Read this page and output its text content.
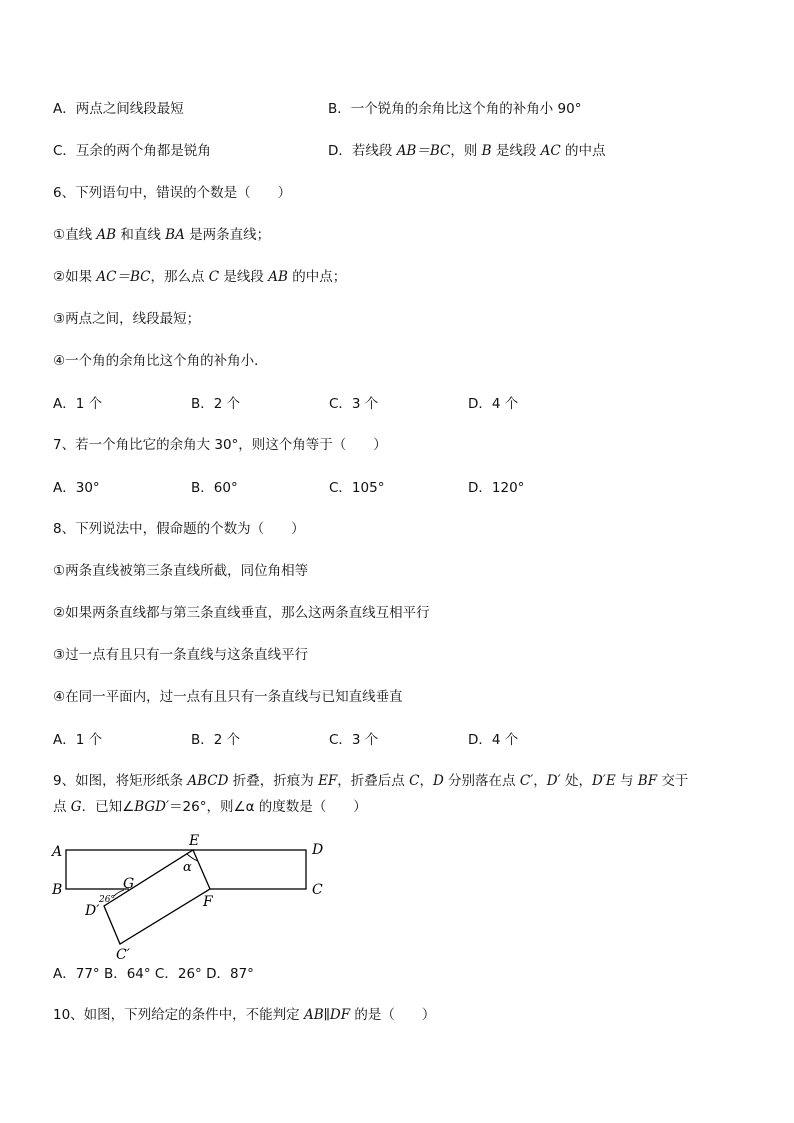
A．两点之间线段最短	B．一个锐角的余角比这个角的补角小 90°
C．互余的两个角都是锐角	D．若线段 AB＝BC，则 B 是线段 AC 的中点
6、下列语句中，错误的个数是（　　）
①直线 AB 和直线 BA 是两条直线；
②如果 AC＝BC，那么点 C 是线段 AB 的中点；
③两点之间，线段最短；
④一个角的余角比这个角的补角小．
A．1 个	B．2 个	C．3 个	D．4 个
7、若一个角比它的余角大 30°，则这个角等于（　　）
A．30°	B．60°	C．105°	D．120°
8、下列说法中，假命题的个数为（　　）
①两条直线被第三条直线所截，同位角相等
②如果两条直线都与第三条直线垂直，那么这两条直线互相平行
③过一点有且只有一条直线与这条直线平行
④在同一平面内，过一点有且只有一条直线与已知直线垂直
A．1 个	B．2 个	C．3 个	D．4 个
9、如图，将矩形纸条 ABCD 折叠，折痕为 EF，折叠后点 C，D 分别落在点 C′，D′ 处，D′E 与 BF 交于
点 G．已知∠BGD′＝26°，则∠α 的度数是（　　）
A
B
D
C
E
F
G
D′
C′
α
26°
A．77° B．64° C．26° D．87°
10、如图，下列给定的条件中，不能判定 AB∥DF 的是（　　）
